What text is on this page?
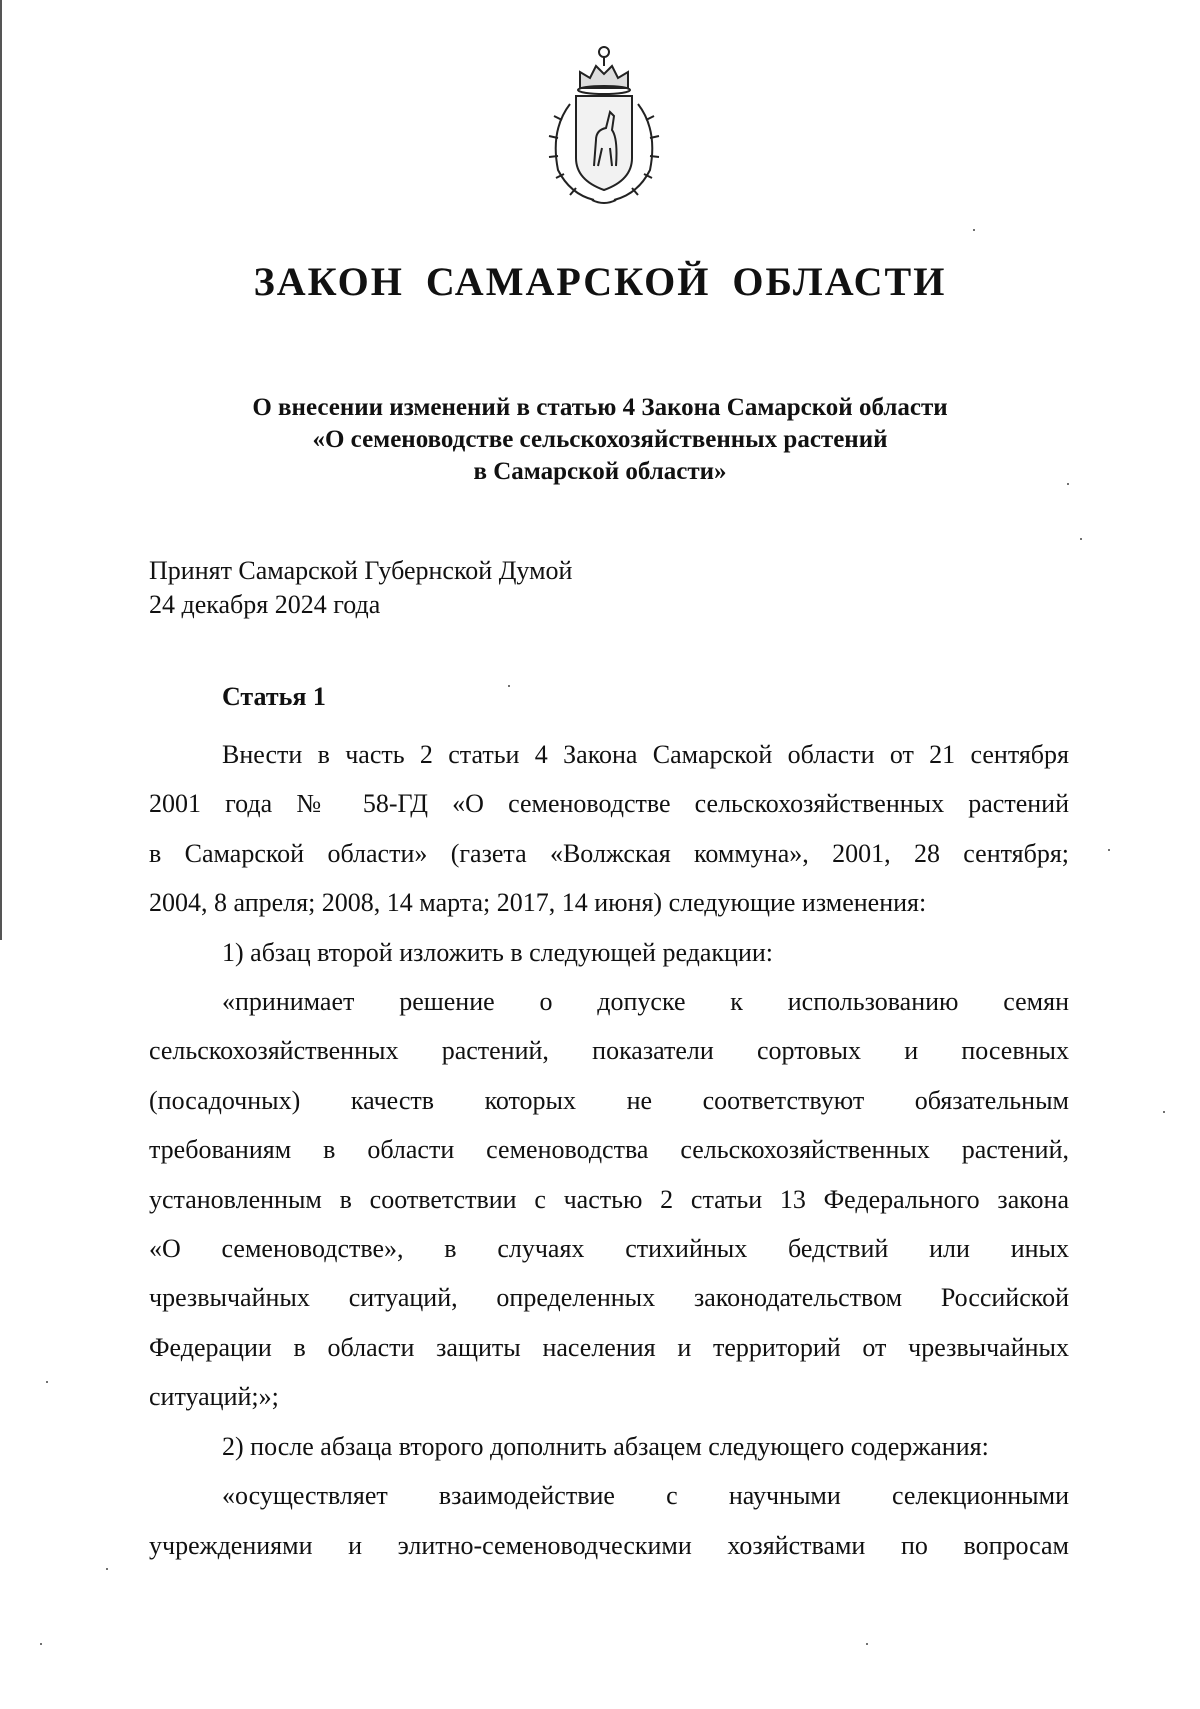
ЗАКОН САМАРСКОЙ ОБЛАСТИ
О внесении изменений в статью 4 Закона Самарской области
«О семеноводстве сельскохозяйственных растений
в Самарской области»
Принят Самарской Губернской Думой
24 декабря 2024 года
Статья 1

Внести в часть 2 статьи 4 Закона Самарской области от 21 сентября

2001 года № 58-ГД «О семеноводстве сельскохозяйственных растений

в Самарской области» (газета «Волжская коммуна», 2001, 28 сентября;

2004, 8 апреля; 2008, 14 марта; 2017, 14 июня) следующие изменения:

1) абзац второй изложить в следующей редакции:

«принимает решение о допуске к использованию семян

сельскохозяйственных растений, показатели сортовых и посевных

(посадочных) качеств которых не соответствуют обязательным

требованиям в области семеноводства сельскохозяйственных растений,

установленным в соответствии с частью 2 статьи 13 Федерального закона

«О семеноводстве», в случаях стихийных бедствий или иных

чрезвычайных ситуаций, определенных законодательством Российской

Федерации в области защиты населения и территорий от чрезвычайных

ситуаций;»;

2) после абзаца второго дополнить абзацем следующего содержания:

«осуществляет взаимодействие с научными селекционными

учреждениями и элитно-семеноводческими хозяйствами по вопросам
